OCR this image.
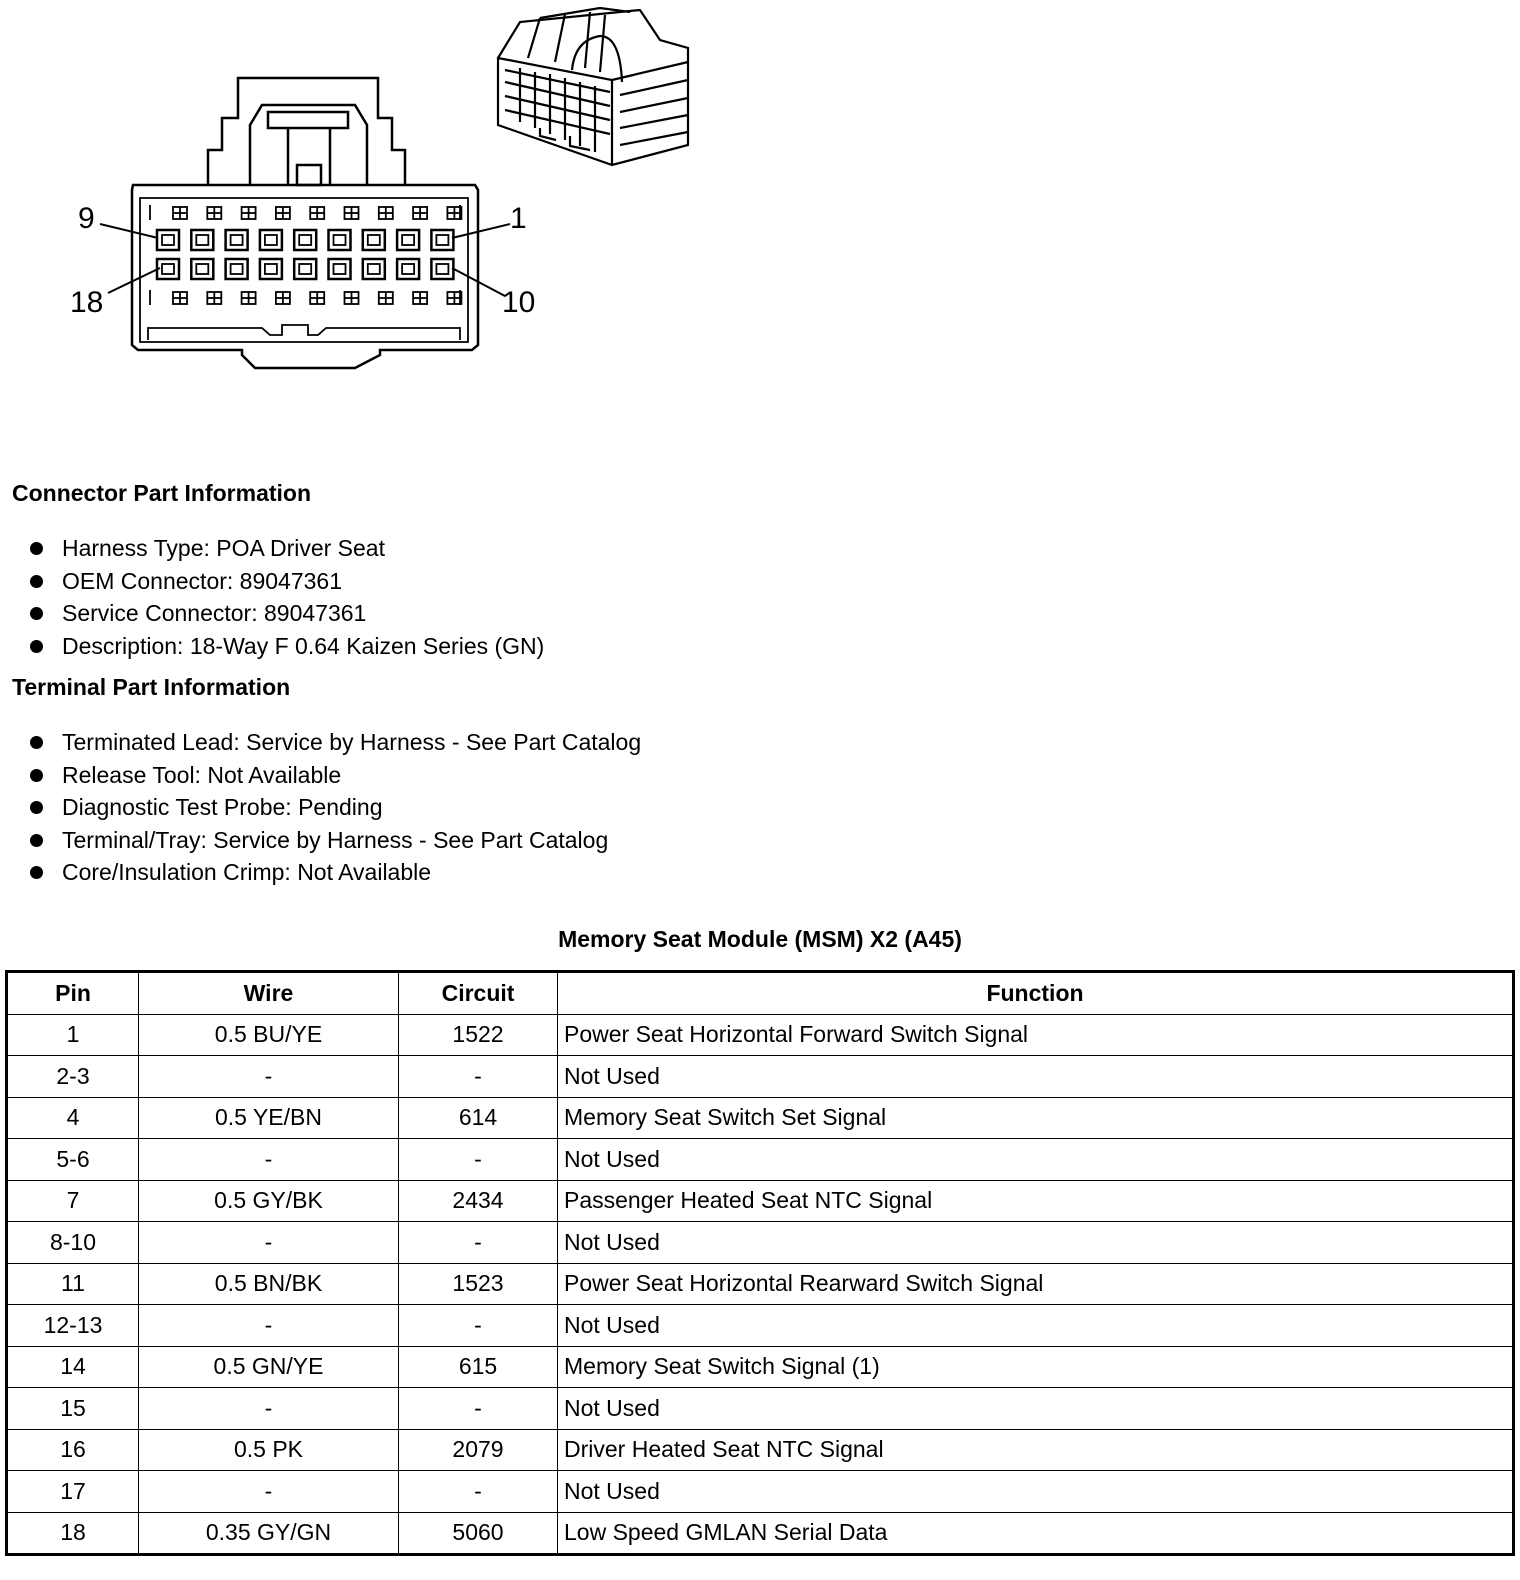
9	1
18	10
Connector Part Information
Harness Type: POA Driver Seat
OEM Connector: 89047361
Service Connector: 89047361
Description: 18-Way F 0.64 Kaizen Series (GN)
Terminal Part Information
Terminated Lead: Service by Harness - See Part Catalog
Release Tool: Not Available
Diagnostic Test Probe: Pending
Terminal/Tray: Service by Harness - See Part Catalog
Core/Insulation Crimp: Not Available
Memory Seat Module (MSM) X2 (A45)
Pin	Wire	Circuit	Function
1	0.5 BU/YE	1522	Power Seat Horizontal Forward Switch Signal
2-3	-	-	Not Used
4	0.5 YE/BN	614	Memory Seat Switch Set Signal
5-6	-	-	Not Used
7	0.5 GY/BK	2434	Passenger Heated Seat NTC Signal
8-10	-	-	Not Used
11	0.5 BN/BK	1523	Power Seat Horizontal Rearward Switch Signal
12-13	-	-	Not Used
14	0.5 GN/YE	615	Memory Seat Switch Signal (1)
15	-	-	Not Used
16	0.5 PK	2079	Driver Heated Seat NTC Signal
17	-	-	Not Used
18	0.35 GY/GN	5060	Low Speed GMLAN Serial Data
